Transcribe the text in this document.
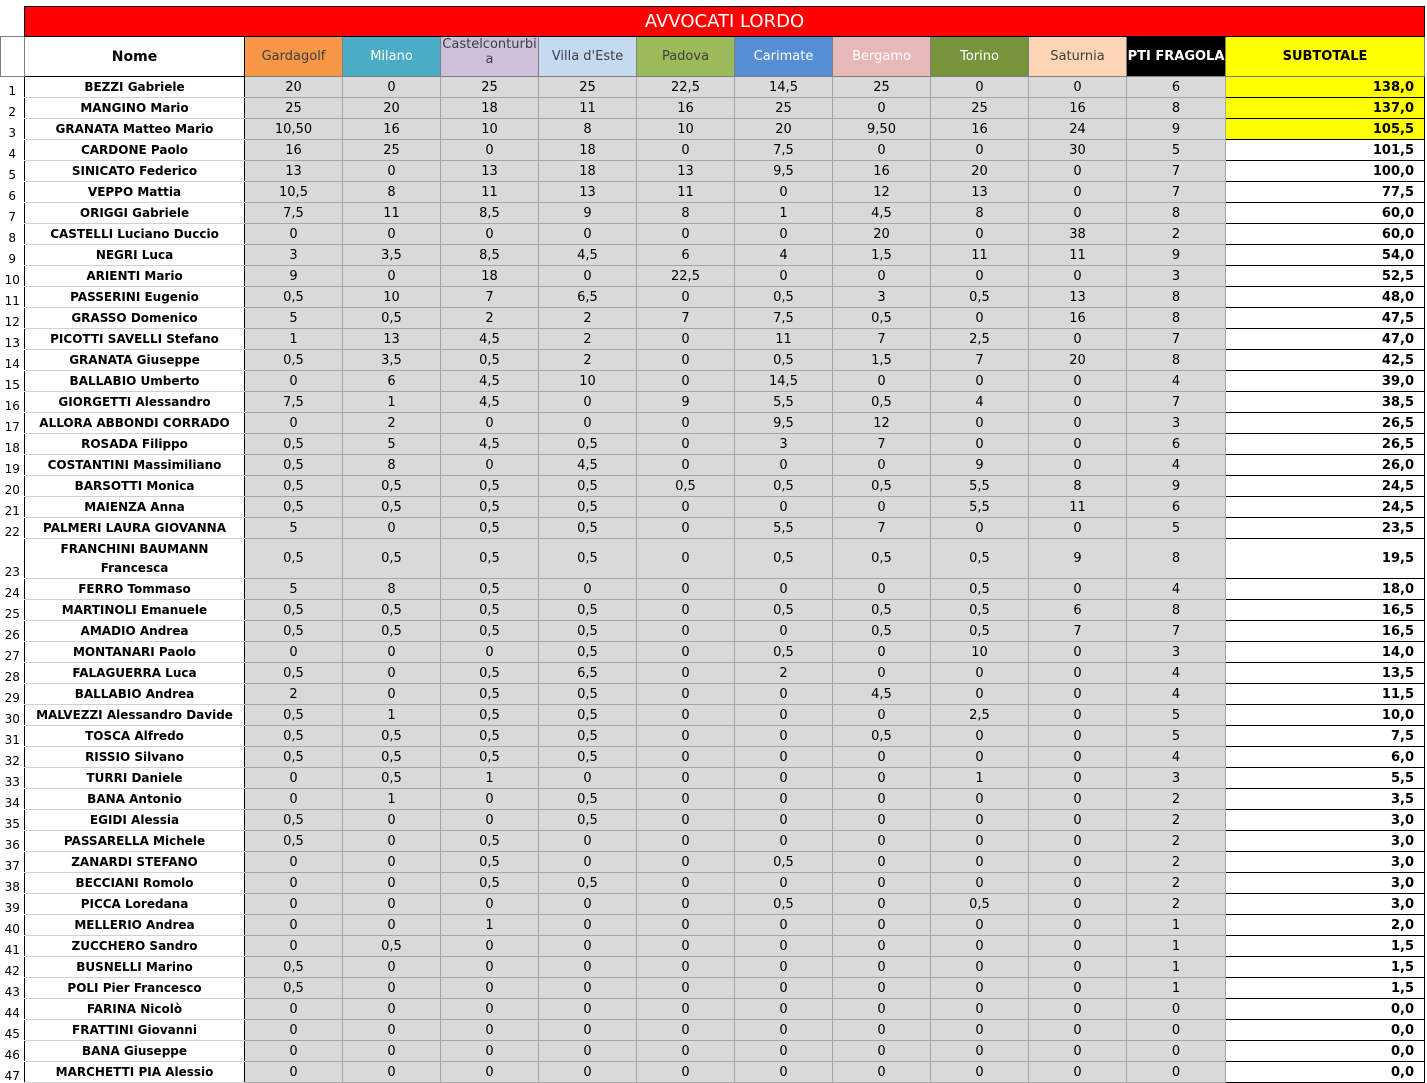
	AVVOCATI LORDO											
	Nome	Gardagolf	Milano	Castelconturbia	Villa d'Este	Padova	Carimate	Bergamo	Torino	Saturnia	PTI FRAGOLA	SUBTOTALE
1	BEZZI Gabriele	20	0	25	25	22,5	14,5	25	0	0	6	138,0
2	MANGINO Mario	25	20	18	11	16	25	0	25	16	8	137,0
3	GRANATA Matteo Mario	10,50	16	10	8	10	20	9,50	16	24	9	105,5
4	CARDONE Paolo	16	25	0	18	0	7,5	0	0	30	5	101,5
5	SINICATO Federico	13	0	13	18	13	9,5	16	20	0	7	100,0
6	VEPPO Mattia	10,5	8	11	13	11	0	12	13	0	7	77,5
7	ORIGGI Gabriele	7,5	11	8,5	9	8	1	4,5	8	0	8	60,0
8	CASTELLI Luciano Duccio	0	0	0	0	0	0	20	0	38	2	60,0
9	NEGRI Luca	3	3,5	8,5	4,5	6	4	1,5	11	11	9	54,0
10	ARIENTI Mario	9	0	18	0	22,5	0	0	0	0	3	52,5
11	PASSERINI Eugenio	0,5	10	7	6,5	0	0,5	3	0,5	13	8	48,0
12	GRASSO Domenico	5	0,5	2	2	7	7,5	0,5	0	16	8	47,5
13	PICOTTI SAVELLI Stefano	1	13	4,5	2	0	11	7	2,5	0	7	47,0
14	GRANATA Giuseppe	0,5	3,5	0,5	2	0	0,5	1,5	7	20	8	42,5
15	BALLABIO Umberto	0	6	4,5	10	0	14,5	0	0	0	4	39,0
16	GIORGETTI Alessandro	7,5	1	4,5	0	9	5,5	0,5	4	0	7	38,5
17	ALLORA ABBONDI CORRADO	0	2	0	0	0	9,5	12	0	0	3	26,5
18	ROSADA Filippo	0,5	5	4,5	0,5	0	3	7	0	0	6	26,5
19	COSTANTINI Massimiliano	0,5	8	0	4,5	0	0	0	9	0	4	26,0
20	BARSOTTI Monica	0,5	0,5	0,5	0,5	0,5	0,5	0,5	5,5	8	9	24,5
21	MAIENZA Anna	0,5	0,5	0,5	0,5	0	0	0	5,5	11	6	24,5
22	PALMERI LAURA GIOVANNA	5	0	0,5	0,5	0	5,5	7	0	0	5	23,5
23	FRANCHINI BAUMANN Francesca	0,5	0,5	0,5	0,5	0	0,5	0,5	0,5	9	8	19,5
24	FERRO Tommaso	5	8	0,5	0	0	0	0	0,5	0	4	18,0
25	MARTINOLI Emanuele	0,5	0,5	0,5	0,5	0	0,5	0,5	0,5	6	8	16,5
26	AMADIO Andrea	0,5	0,5	0,5	0,5	0	0	0,5	0,5	7	7	16,5
27	MONTANARI Paolo	0	0	0	0,5	0	0,5	0	10	0	3	14,0
28	FALAGUERRA Luca	0,5	0	0,5	6,5	0	2	0	0	0	4	13,5
29	BALLABIO Andrea	2	0	0,5	0,5	0	0	4,5	0	0	4	11,5
30	MALVEZZI Alessandro Davide	0,5	1	0,5	0,5	0	0	0	2,5	0	5	10,0
31	TOSCA Alfredo	0,5	0,5	0,5	0,5	0	0	0,5	0	0	5	7,5
32	RISSIO Silvano	0,5	0,5	0,5	0,5	0	0	0	0	0	4	6,0
33	TURRI Daniele	0	0,5	1	0	0	0	0	1	0	3	5,5
34	BANA Antonio	0	1	0	0,5	0	0	0	0	0	2	3,5
35	EGIDI Alessia	0,5	0	0	0,5	0	0	0	0	0	2	3,0
36	PASSARELLA Michele	0,5	0	0,5	0	0	0	0	0	0	2	3,0
37	ZANARDI STEFANO	0	0	0,5	0	0	0,5	0	0	0	2	3,0
38	BECCIANI Romolo	0	0	0,5	0,5	0	0	0	0	0	2	3,0
39	PICCA Loredana	0	0	0	0	0	0,5	0	0,5	0	2	3,0
40	MELLERIO Andrea	0	0	1	0	0	0	0	0	0	1	2,0
41	ZUCCHERO Sandro	0	0,5	0	0	0	0	0	0	0	1	1,5
42	BUSNELLI Marino	0,5	0	0	0	0	0	0	0	0	1	1,5
43	POLI Pier Francesco	0,5	0	0	0	0	0	0	0	0	1	1,5
44	FARINA Nicolò	0	0	0	0	0	0	0	0	0	0	0,0
45	FRATTINI Giovanni	0	0	0	0	0	0	0	0	0	0	0,0
46	BANA Giuseppe	0	0	0	0	0	0	0	0	0	0	0,0
47	MARCHETTI PIA Alessio	0	0	0	0	0	0	0	0	0	0	0,0
